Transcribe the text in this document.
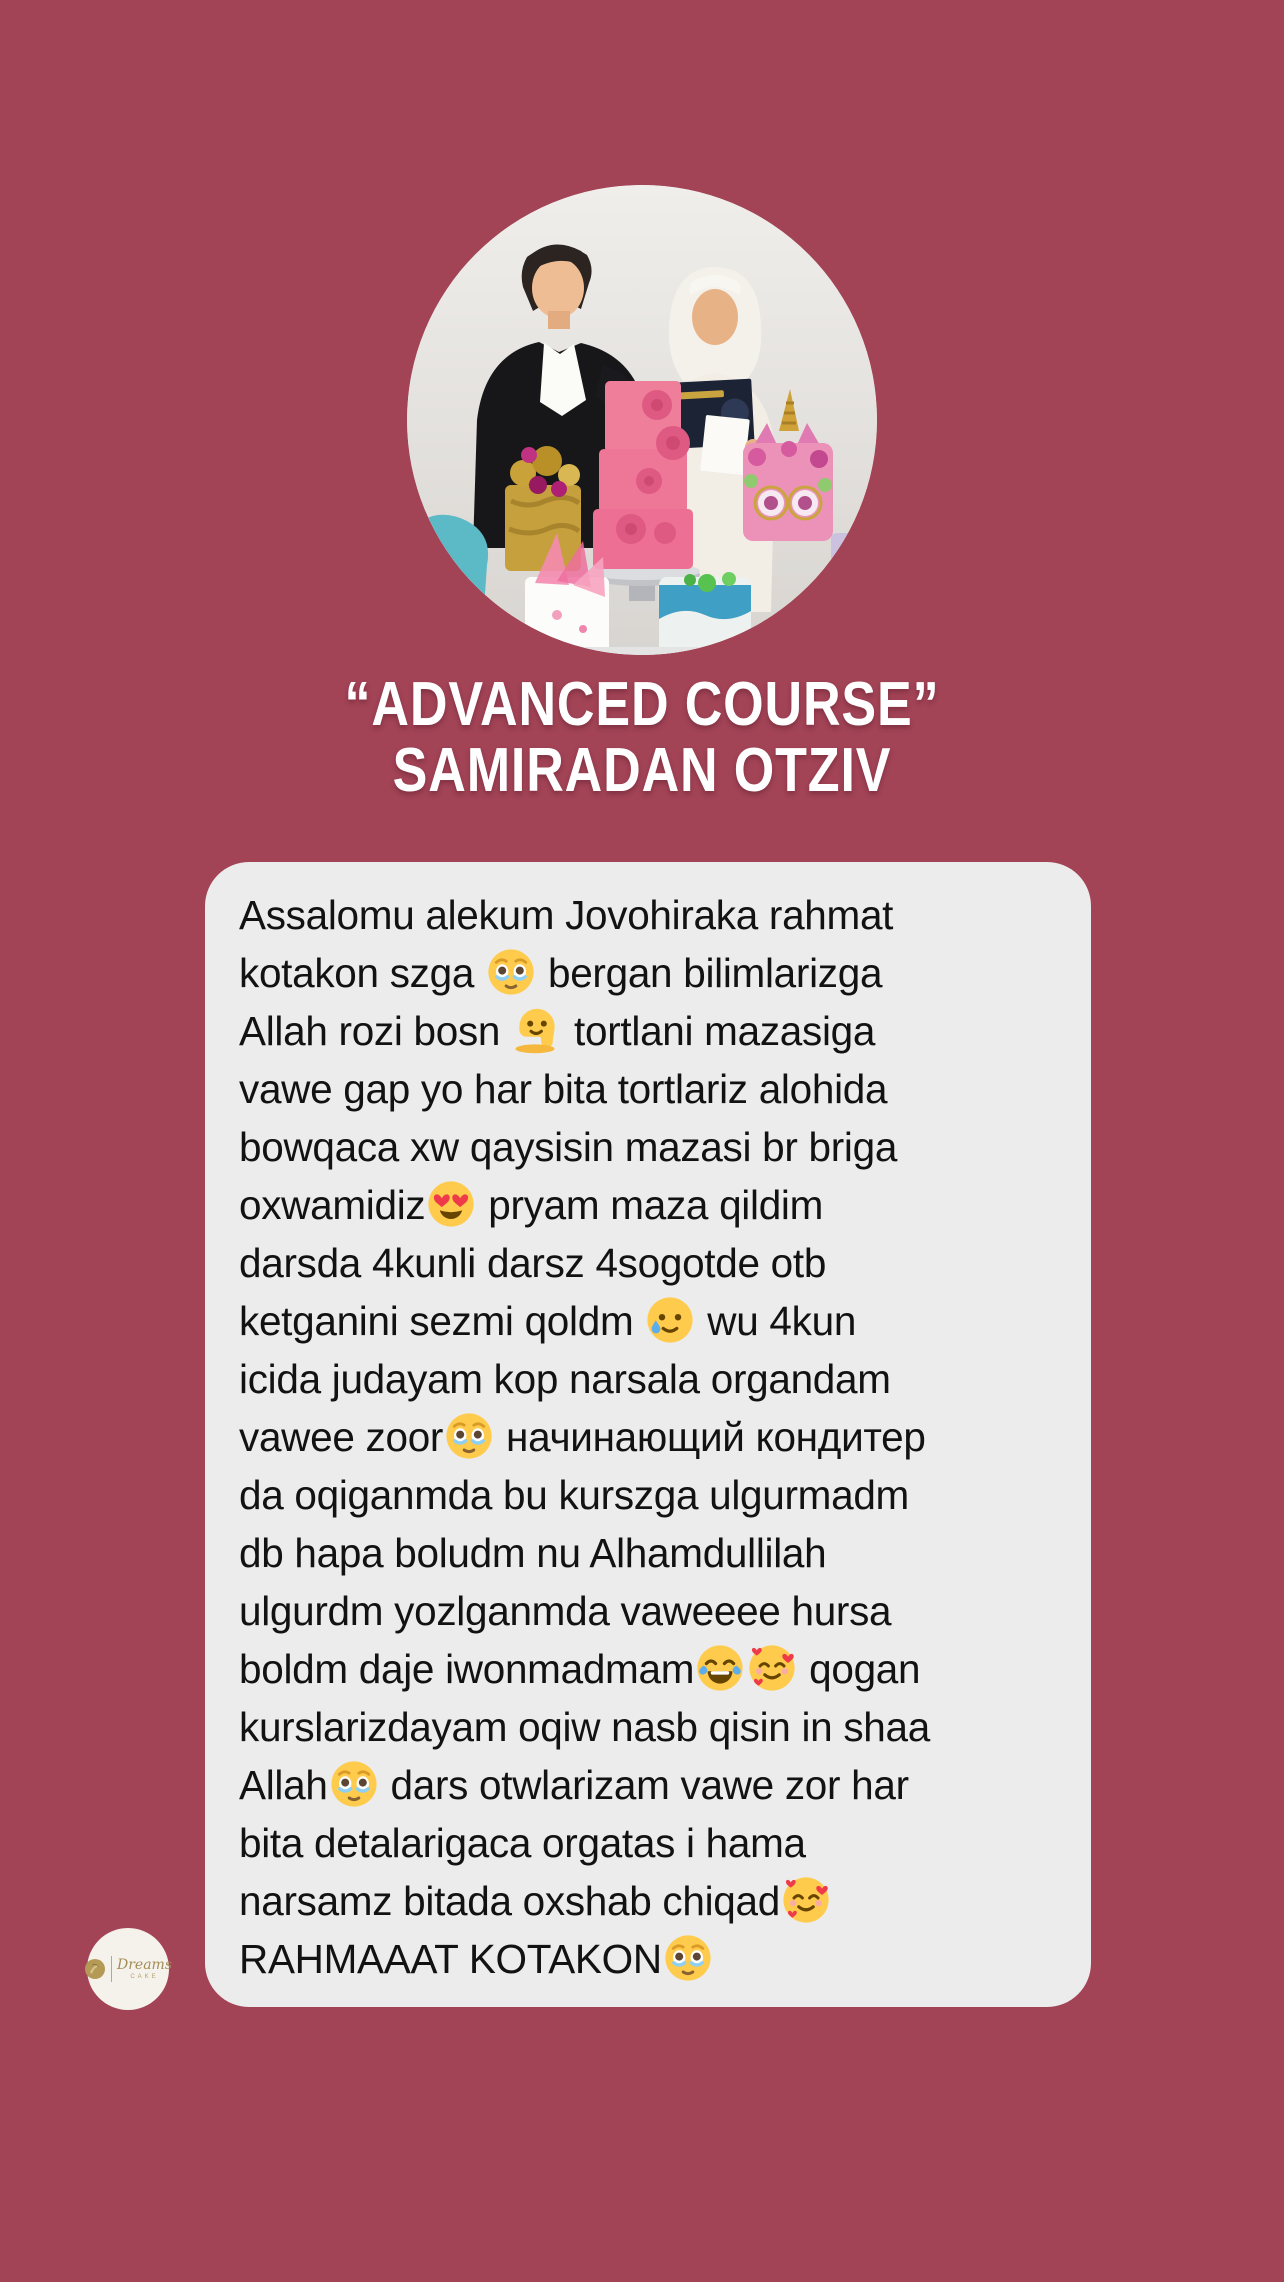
“ADVANCED COURSE”
SAMIRADAN OTZIV
Assalomu alekum Jovohiraka rahmat
kotakon szga
bergan bilimlarizga
Allah rozi bosn
tortlani mazasiga
vawe gap yo har bita tortlariz alohida
bowqaca xw qaysisin mazasi br briga
oxwamidiz
pryam maza qildim
darsda 4kunli darsz 4sogotde otb
ketganini sezmi qoldm
wu 4kun
icida judayam kop narsala organdam
vawee zoor
начинающий кондитер
da oqiganmda bu kurszga ulgurmadm
db hapa boludm nu Alhamdullilah
ulgurdm yozlganmda vaweeee hursa
boldm daje iwonmadmam	qogan
kurslarizdayam oqiw nasb qisin in shaa
Allah
dars otwlarizam vawe zor har
bita detalarigaca orgatas i hama
narsamz bitada oxshab chiqad
RAHMAAAT KOTAKON
Dreams
CAKE
